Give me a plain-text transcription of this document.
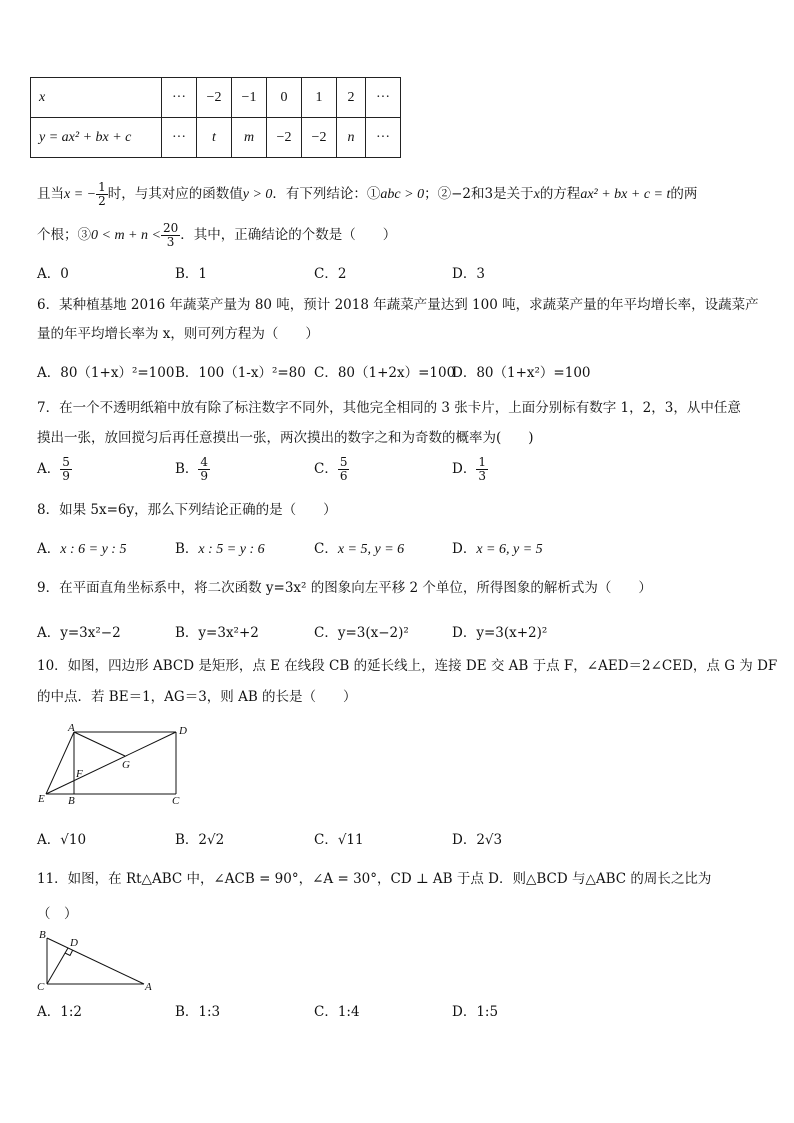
x	···	−2	−1	0	1	2	···
y = ax² + bx + c	···	t	m	−2	−2	n	···
且当x = − $\frac{1}{2}$ 时，与其对应的函数值y > 0．有下列结论：①abc > 0；②−2和3是关于x的方程ax² + bx + c = t的两
个根；③0 < $m + n < \frac{20}{3}$ ．其中，正确结论的个数是（　　）
A．0	B．1	C．2	D．3
6．某种植基地 2016 年蔬菜产量为 80 吨，预计 2018 年蔬菜产量达到 100 吨，求蔬菜产量的年平均增长率，设蔬菜产
量的年平均增长率为 x，则可列方程为（　　）
A．80（1+x）²=100 B．100（1-x）²=80 C．80（1+2x）=100
D．80（1+x²）=100
7．在一个不透明纸箱中放有除了标注数字不同外，其他完全相同的 3 张卡片，上面分别标有数字 1，2，3，从中任意
摸出一张，放回搅匀后再任意摸出一张，两次摸出的数字之和为奇数的概率为(　　)
A． $\frac{5}{9}$	B． $\frac{4}{9}$	C． $\frac{5}{6}$	D． $\frac{1}{3}$
8．如果 5x=6y，那么下列结论正确的是（　　）
A．x : 6 = y : 5	B．x : 5 = y : 6	C．x = 5, y = 6	D．x = 6, y = 5
9．在平面直角坐标系中，将二次函数 y=3x² 的图象向左平移 2 个单位，所得图象的解析式为（　　）
A．y=3x²−2	B．y=3x²+2	C．y=3(x−2)²	D．y=3(x+2)²
10．如图，四边形 ABCD 是矩形，点 E 在线段 CB 的延长线上，连接 DE 交 AB 于点 F，∠AED＝2∠CED，点 G 为 DF
的中点．若 BE＝1，AG＝3，则 AB 的长是（　　）
A	D
E B	C
F
G
A．√10	B．2√2	C．√11	D．2√3
11．如图，在 Rt△ABC 中，∠ACB = 90°，∠A = 30°，CD ⊥ AB 于点 D．则△BCD 与△ABC 的周长之比为
（　）
B
D
C	A
A．1:2	B．1:3	C．1:4	D．1:5
